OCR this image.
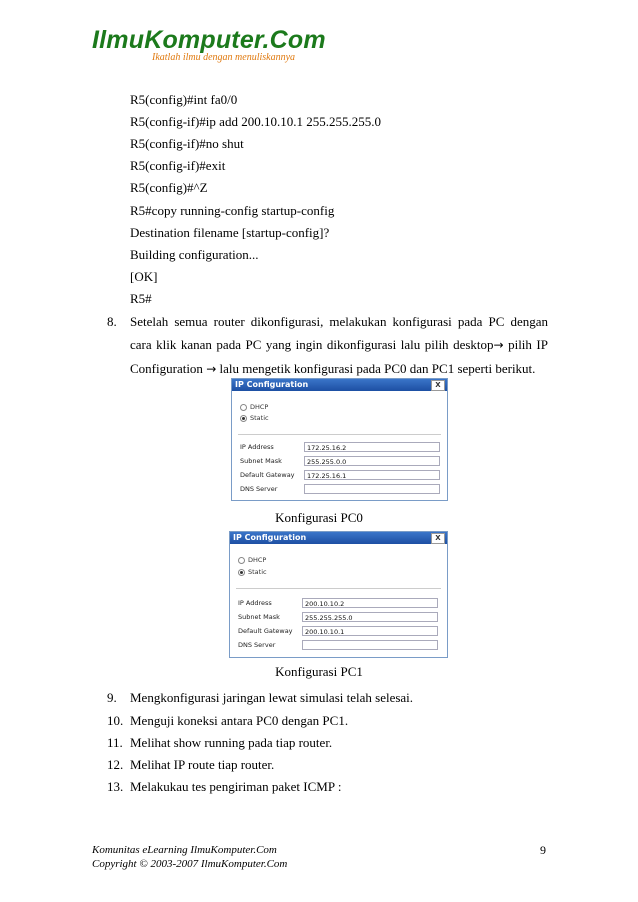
IlmuKomputer.Com
Ikatlah ilmu dengan menuliskannya
R5(config)#int fa0/0
R5(config-if)#ip add 200.10.10.1 255.255.255.0
R5(config-if)#no shut
R5(config-if)#exit
R5(config)#^Z
R5#copy running-config startup-config
Destination filename [startup-config]?
Building configuration...
[OK]
R5#
8. Setelah semua router dikonfigurasi, melakukan konfigurasi pada PC dengan cara klik kanan pada PC yang ingin dikonfigurasi lalu pilih desktop→ pilih IP Configuration → lalu mengetik konfigurasi pada PC0 dan PC1 seperti berikut.
IP Configuration	X
DHCP
Static
IP Address	172.25.16.2
Subnet Mask	255.255.0.0
Default Gateway	172.25.16.1
DNS Server
Konfigurasi PC0
IP Configuration	X
DHCP
Static
IP Address	200.10.10.2
Subnet Mask	255.255.255.0
Default Gateway	200.10.10.1
DNS Server
Konfigurasi PC1
9. Mengkonfigurasi jaringan lewat simulasi telah selesai.
10. Menguji koneksi antara PC0 dengan PC1.
11. Melihat show running pada tiap router.
12. Melihat IP route tiap router.
13. Melakukau tes pengiriman paket ICMP :
Komunitas eLearning IlmuKomputer.Com
Copyright © 2003-2007 IlmuKomputer.Com
9
